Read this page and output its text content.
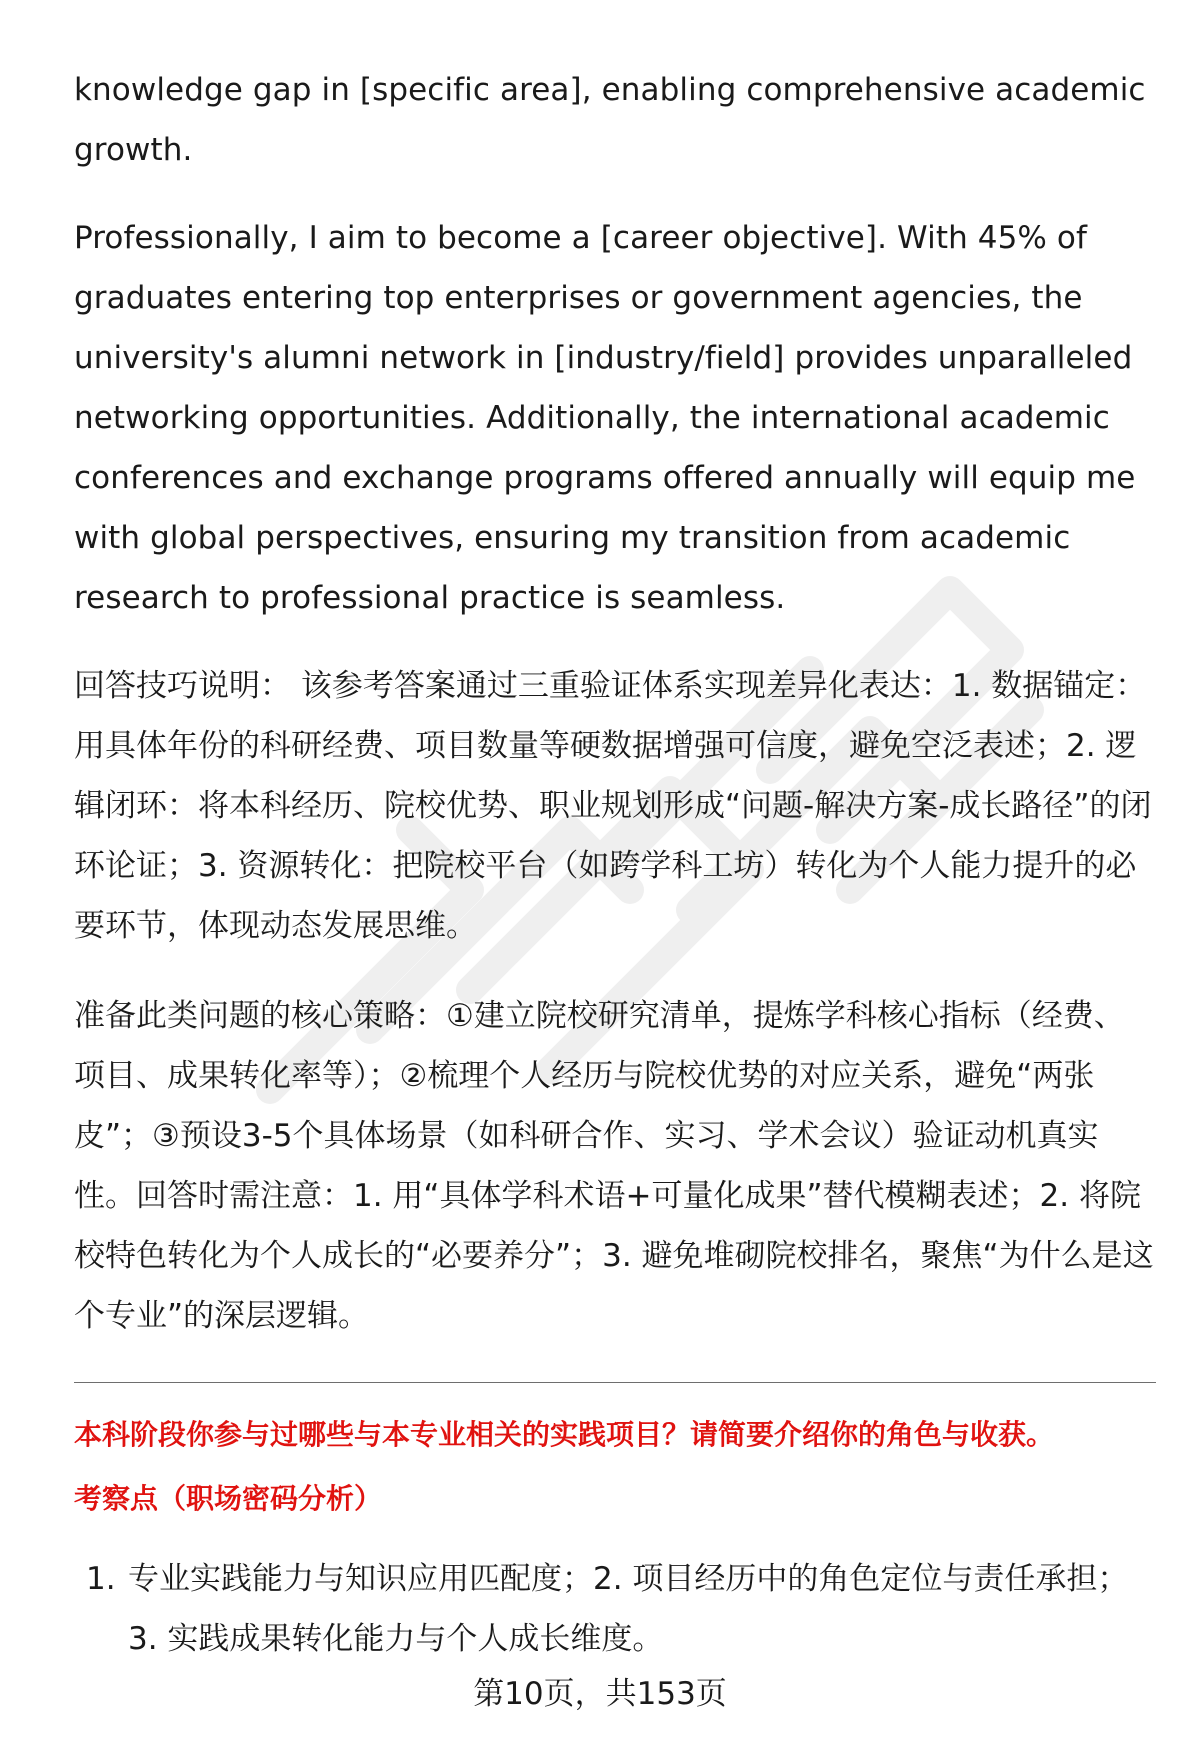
knowledge gap in [specific area], enabling comprehensive academic growth.

Professionally, I aim to become a [career objective]. With 45% of graduates entering top enterprises or government agencies, the university's alumni network in [industry/field] provides unparalleled networking opportunities. Additionally, the international academic conferences and exchange programs offered annually will equip me with global perspectives, ensuring my transition from academic research to professional practice is seamless.

回答技巧说明： 该参考答案通过三重验证体系实现差异化表达：1. 数据锚定：用具体年份的科研经费、项目数量等硬数据增强可信度，避免空泛表述；2. 逻辑闭环：将本科经历、院校优势、职业规划形成“问题-解决方案-成长路径”的闭环论证；3. 资源转化：把院校平台（如跨学科工坊）转化为个人能力提升的必要环节，体现动态发展思维。

准备此类问题的核心策略：①建立院校研究清单，提炼学科核心指标（经费、项目、成果转化率等）；②梳理个人经历与院校优势的对应关系，避免“两张皮”；③预设3-5个具体场景（如科研合作、实习、学术会议）验证动机真实性。回答时需注意：1. 用“具体学科术语+可量化成果”替代模糊表述；2. 将院校特色转化为个人成长的“必要养分”；3. 避免堆砌院校排名，聚焦“为什么是这个专业”的深层逻辑。

本科阶段你参与过哪些与本专业相关的实践项目？请简要介绍你的角色与收获。

考察点（职场密码分析）

1. 专业实践能力与知识应用匹配度；2. 项目经历中的角色定位与责任承担；3. 实践成果转化能力与个人成长维度。
第10页，共153页
